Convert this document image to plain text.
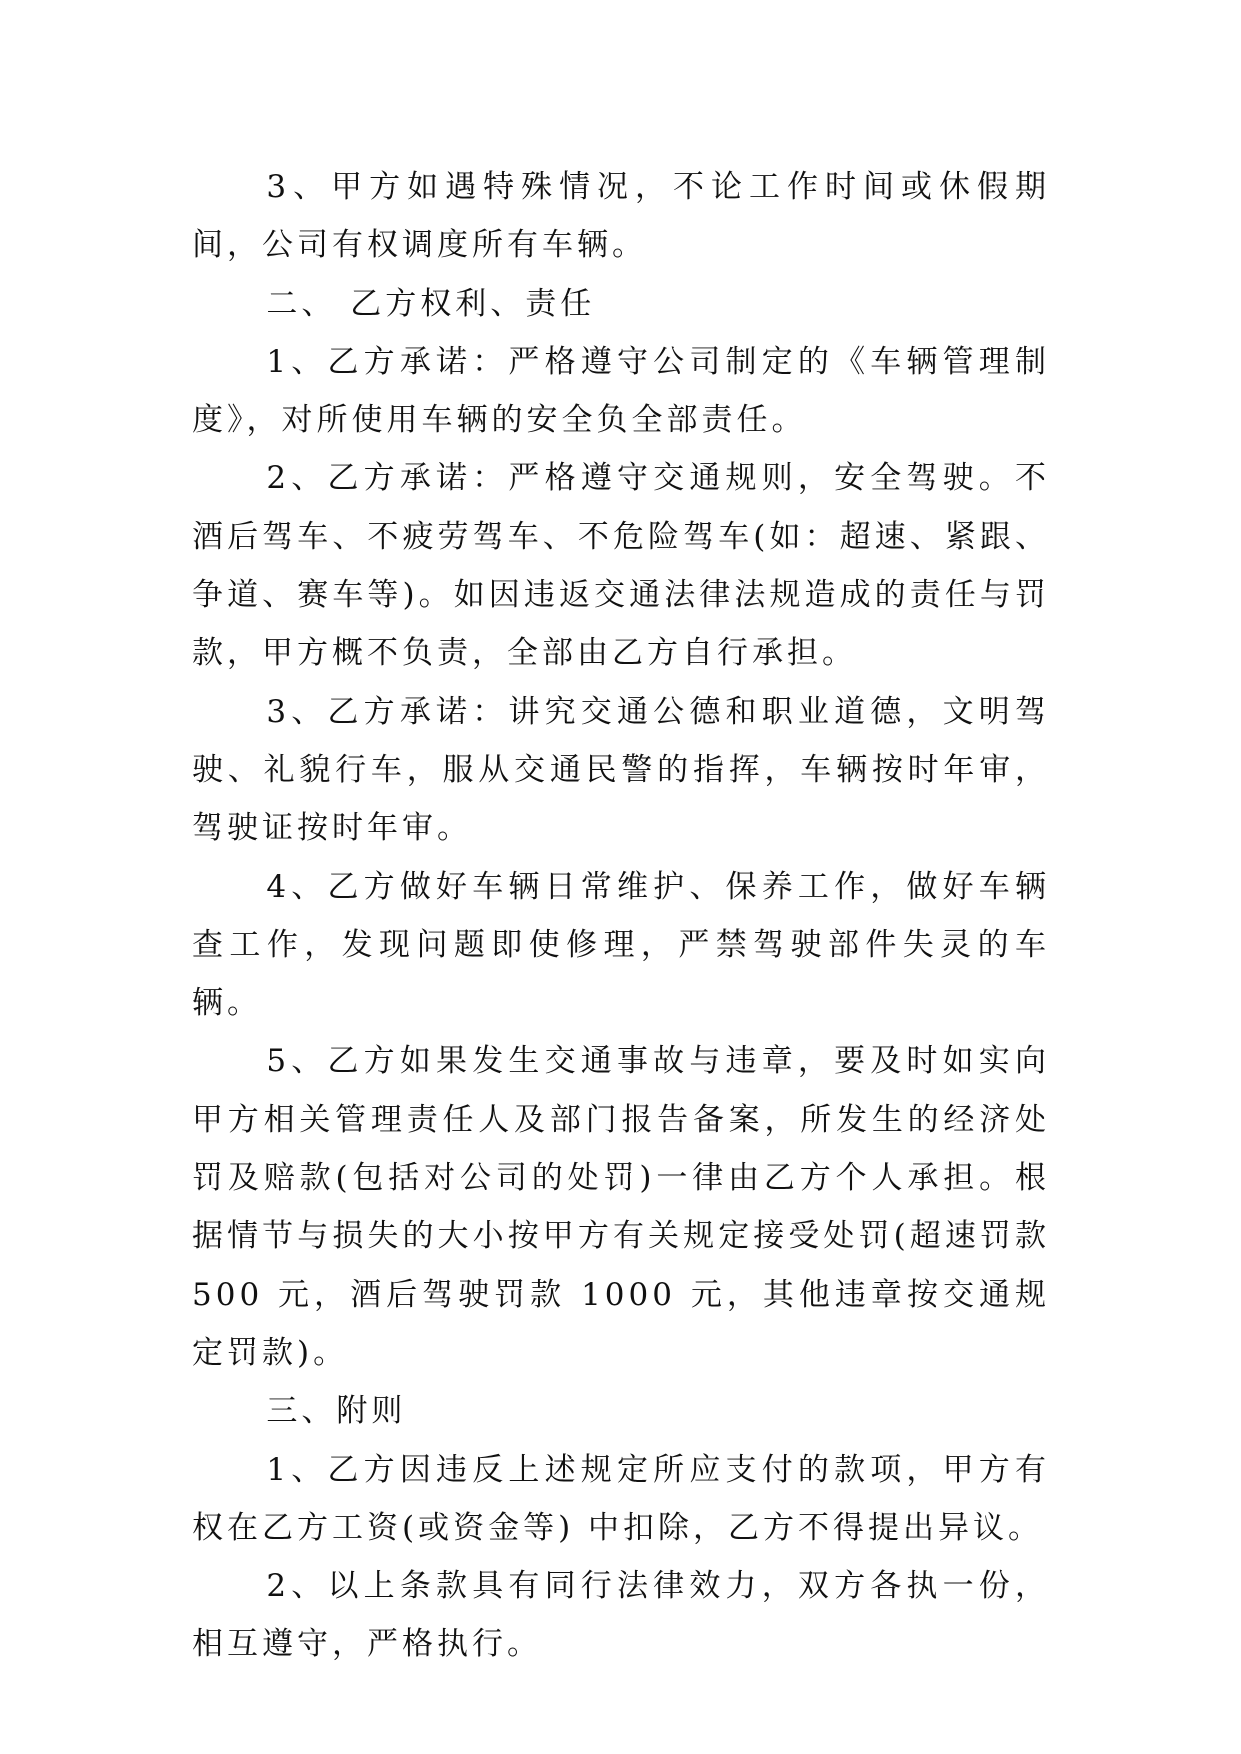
3、甲方如遇特殊情况，不论工作时间或休假期间，公司有权调度所有车辆。

二、 乙方权利、责任

1、乙方承诺：严格遵守公司制定的《车辆管理制度》，对所使用车辆的安全负全部责任。

2、乙方承诺：严格遵守交通规则，安全驾驶。不酒后驾车、不疲劳驾车、不危险驾车(如：超速、紧跟、争道、赛车等)。如因违返交通法律法规造成的责任与罚款，甲方概不负责，全部由乙方自行承担。

3、乙方承诺：讲究交通公德和职业道德，文明驾驶、礼貌行车，服从交通民警的指挥，车辆按时年审，驾驶证按时年审。

4、乙方做好车辆日常维护、保养工作，做好车辆查工作，发现问题即使修理，严禁驾驶部件失灵的车辆。

5、乙方如果发生交通事故与违章，要及时如实向甲方相关管理责任人及部门报告备案，所发生的经济处罚及赔款(包括对公司的处罚)一律由乙方个人承担。根据情节与损失的大小按甲方有关规定接受处罚(超速罚款 500 元，酒后驾驶罚款 1000 元，其他违章按交通规定罚款)。

三、附则

1、乙方因违反上述规定所应支付的款项，甲方有权在乙方工资(或资金等) 中扣除，乙方不得提出异议。

2、以上条款具有同行法律效力，双方各执一份，相互遵守，严格执行。
